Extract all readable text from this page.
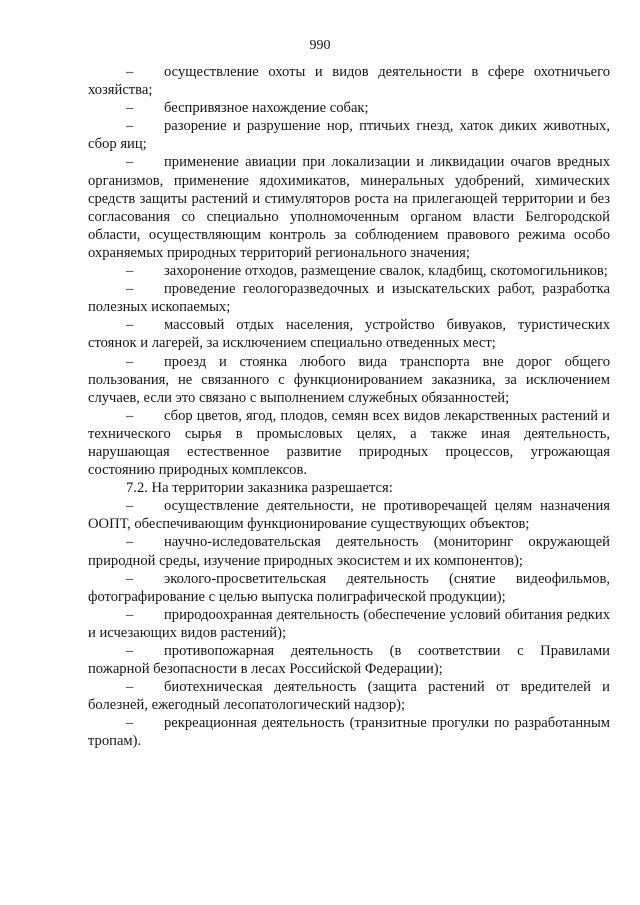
990

– осуществление охоты и видов деятельности в сфере охотничьего хозяйства;

– беспривязное нахождение собак;

– разорение и разрушение нор, птичьих гнезд, хаток диких животных, сбор яиц;

– применение авиации при локализации и ликвидации очагов вредных организмов, применение ядохимикатов, минеральных удобрений, химических средств защиты растений и стимуляторов роста на прилегающей территории и без согласования со специально уполномоченным органом власти Белгородской области, осуществляющим контроль за соблюдением правового режима особо охраняемых природных территорий регионального значения;

– захоронение отходов, размещение свалок, кладбищ, скотомогильников;

– проведение геологоразведочных и изыскательских работ, разработка полезных ископаемых;

– массовый отдых населения, устройство бивуаков, туристических стоянок и лагерей, за исключением специально отведенных мест;

– проезд и стоянка любого вида транспорта вне дорог общего пользования, не связанного с функционированием заказника, за исключением случаев, если это связано с выполнением служебных обязанностей;

– сбор цветов, ягод, плодов, семян всех видов лекарственных растений и технического сырья в промысловых целях, а также иная деятельность, нарушающая естественное развитие природных процессов, угрожающая состоянию природных комплексов.

7.2. На территории заказника разрешается:

– осуществление деятельности, не противоречащей целям назначения ООПТ, обеспечивающим функционирование существующих объектов;

– научно-иследовательская деятельность (мониторинг окружающей природной среды, изучение природных экосистем и их компонентов);

– эколого-просветительская деятельность (снятие видеофильмов, фотографирование с целью выпуска полиграфической продукции);

– природоохранная деятельность (обеспечение условий обитания редких и исчезающих видов растений);

– противопожарная деятельность (в соответствии с Правилами пожарной безопасности в лесах Российской Федерации);

– биотехническая деятельность (защита растений от вредителей и болезней, ежегодный лесопатологический надзор);

– рекреационная деятельность (транзитные прогулки по разработанным тропам).
